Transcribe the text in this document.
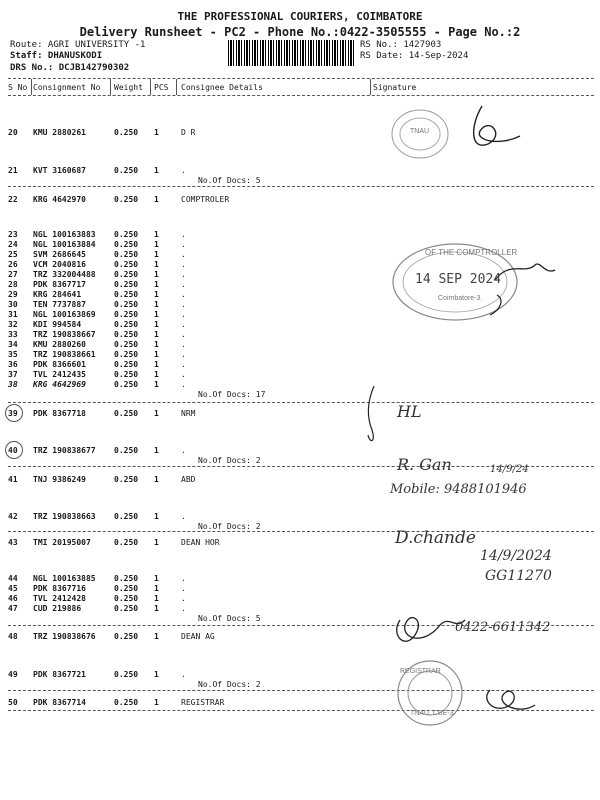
THE PROFESSIONAL COURIERS, COIMBATORE
Delivery Runsheet - PC2 - Phone No.:0422-3505555 - Page No.:2
Route: AGRI UNIVERSITY -1
Staff: DHANUSKODI
DRS No.: DCJB142790302
RS No.: 1427903
RS Date: 14-Sep-2024
S No Consignment No Weight PCS Consignee Details	Signature
20 KMU 2880261	0.250 1	D R
21 KVT 3160687	0.250 1	.
No.Of Docs: 5
22 KRG 4642970	0.250 1	COMPTROLER
23 NGL 100163883 0.250 1	.
24 NGL 100163884 0.250 1	.
25 SVM 2686645	0.250 1	.
26 VCM 2040816	0.250 1	.
27 TRZ 332004488 0.250 1	.
28 PDK 8367717	0.250 1	.
29 KRG 284641	0.250 1	.
30 TEN 7737887	0.250 1	.
31 NGL 100163869 0.250 1	.
32 KDI 994584	0.250 1	.
33 TRZ 190838667 0.250 1	.
34 KMU 2880260	0.250 1	.
35 TRZ 190838661 0.250 1	.
36 PDK 8366601	0.250 1	.
37 TVL 2412435	0.250 1	.
38 KRG 4642969	0.250 1	.
No.Of Docs: 17
39 PDK 8367718	0.250 1	NRM
40 TRZ 190838677 0.250 1	.
No.Of Docs: 2
41 TNJ 9386249	0.250 1	ABD
42 TRZ 190838663 0.250 1	.
No.Of Docs: 2
43 TMI 20195007	0.250 1	DEAN HOR
44 NGL 100163885 0.250 1	.
45 PDK 8367716	0.250 1	.
46 TVL 2412428	0.250 1	.
47 CUD 219886	0.250 1	.
No.Of Docs: 5
48 TRZ 190838676 0.250 1	DEAN AG
49 PDK 8367721	0.250 1	.
No.Of Docs: 2
50 PDK 8367714	0.250 1	REGISTRAR
TNAU
OF THE COMPTROLLER
14 SEP 2024
Coimbatore-3.
HL
R. Gan	14/9/24
Mobile: 9488101946
D.chande
14/9/2024
GG11270
0422-6611342
REGISTRAR
TNAU, CBE-3
